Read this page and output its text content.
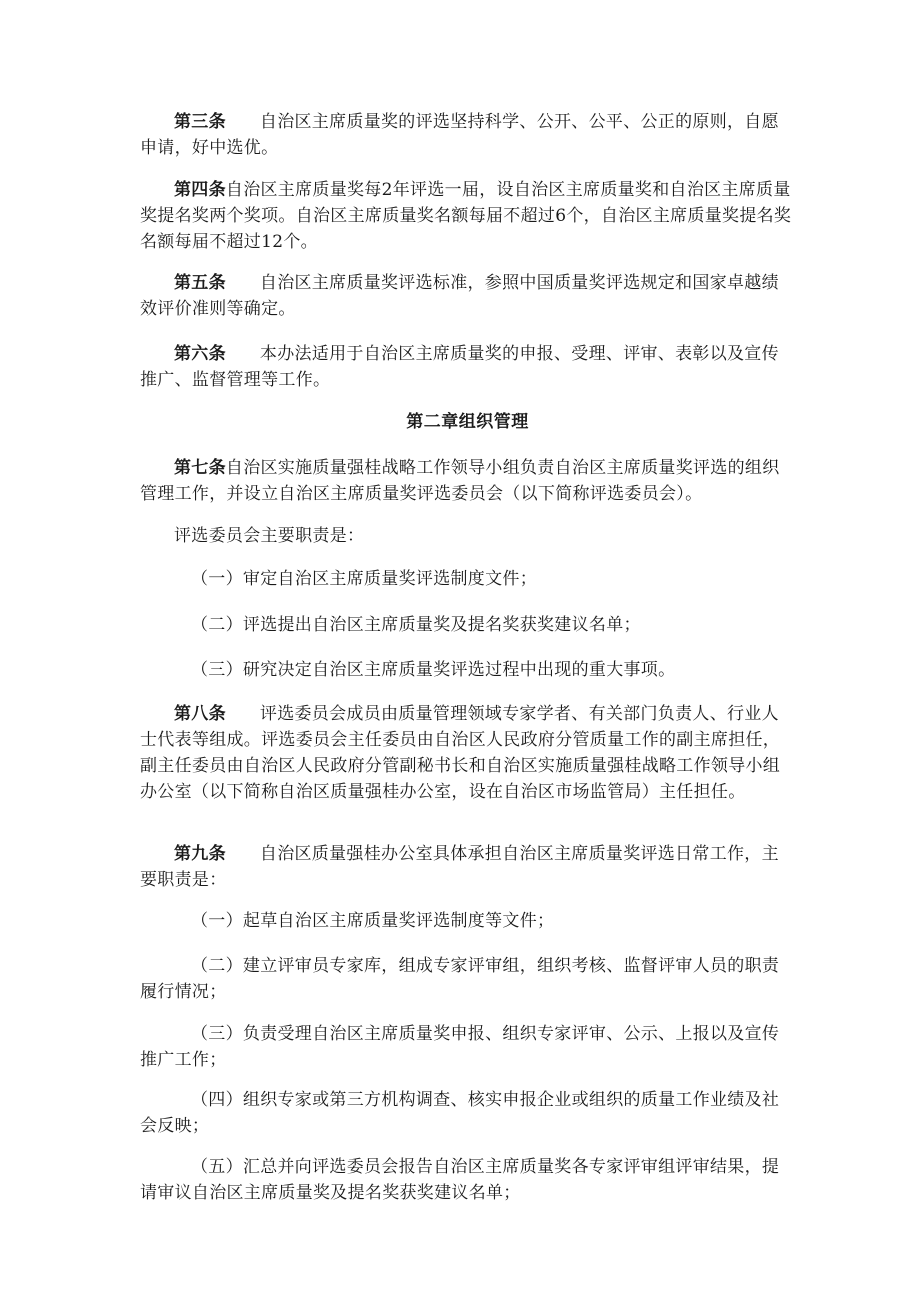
第三条 自治区主席质量奖的评选坚持科学、公开、公平、公正的原则，自愿申请，好中选优。

第四条自治区主席质量奖每2年评选一届，设自治区主席质量奖和自治区主席质量奖提名奖两个奖项。自治区主席质量奖名额每届不超过6个，自治区主席质量奖提名奖名额每届不超过12个。

第五条 自治区主席质量奖评选标准，参照中国质量奖评选规定和国家卓越绩效评价准则等确定。

第六条 本办法适用于自治区主席质量奖的申报、受理、评审、表彰以及宣传推广、监督管理等工作。

第二章组织管理

第七条自治区实施质量强桂战略工作领导小组负责自治区主席质量奖评选的组织管理工作，并设立自治区主席质量奖评选委员会（以下简称评选委员会）。

评选委员会主要职责是：

（一）审定自治区主席质量奖评选制度文件；

（二）评选提出自治区主席质量奖及提名奖获奖建议名单；

（三）研究决定自治区主席质量奖评选过程中出现的重大事项。

第八条 评选委员会成员由质量管理领域专家学者、有关部门负责人、行业人士代表等组成。评选委员会主任委员由自治区人民政府分管质量工作的副主席担任，副主任委员由自治区人民政府分管副秘书长和自治区实施质量强桂战略工作领导小组办公室（以下简称自治区质量强桂办公室，设在自治区市场监管局）主任担任。

第九条 自治区质量强桂办公室具体承担自治区主席质量奖评选日常工作，主要职责是：

（一）起草自治区主席质量奖评选制度等文件；

（二）建立评审员专家库，组成专家评审组，组织考核、监督评审人员的职责履行情况；

（三）负责受理自治区主席质量奖申报、组织专家评审、公示、上报以及宣传推广工作；

（四）组织专家或第三方机构调查、核实申报企业或组织的质量工作业绩及社会反映；

（五）汇总并向评选委员会报告自治区主席质量奖各专家评审组评审结果，提请审议自治区主席质量奖及提名奖获奖建议名单；
